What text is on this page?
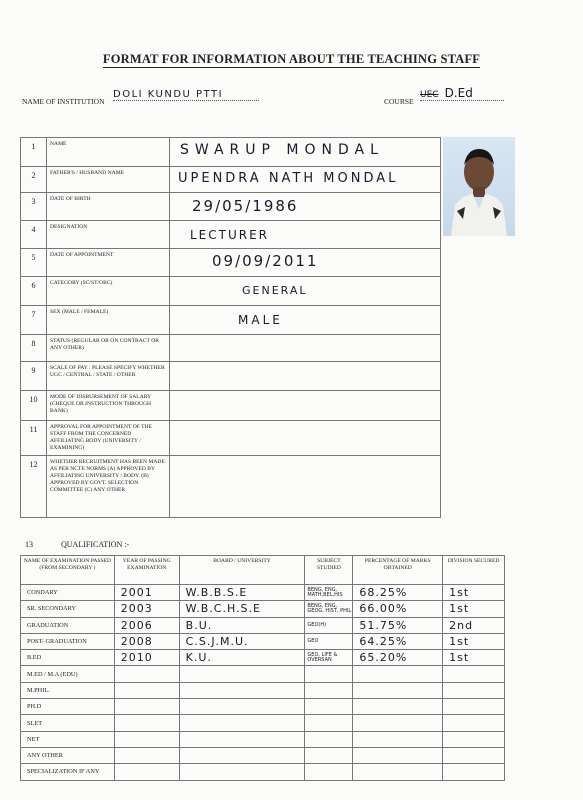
FORMAT FOR INFORMATION ABOUT THE TEACHING STAFF
NAME OF INSTITUTION
DOLI KUNDU PTTI
COURSE
UEC D.Ed
1	NAME	SWARUP MONDAL

2	FATHER'S / HUSBAND NAME	UPENDRA NATH MONDAL

3	DATE OF BIRTH	29/05/1986

4	DESIGNATION	LECTURER

5	DATE OF APPOINTMENT	09/09/2011

6	CATEGORY (SC/ST/OBC)	GENERAL

7	SEX (MALE / FEMALE)	MALE

8	STATUS (REGULAR OR ON CONTRACT OR ANY OTHER)	

9	SCALE OF PAY : PLEASE SPECIFY WHETHER UGC / CENTRAL / STATE / OTHER	

10	MODE OF DISBURSEMENT OF SALARY (CHEQUE OR INSTRUCTION THROUGH BANK)	

11	APPROVAL FOR APPOINTMENT OF THE STAFF FROM THE CONCERNED AFFILIATING BODY (UNIVERSITY / EXAMINING)	

12	WHETHER RECRUITMENT HAS BEEN MADE AS PER NCTE NORMS (A) APPROVED BY AFFILIATING UNIVERSITY / BODY. (B) APPROVED BY GOVT. SELECTION COMMITTEE (C) ANY OTHER	
13	QUALIFICATION :-
NAME OF EXAMINATION PASSED (FROM SECONDARY )	YEAR OF PASSING EXAMINATION	BOARD / UNIVERSITY	SUBJECT STUDIED	PERCENTAGE OF MARKS OBTAINED	DIVISION SECURED
CONDARY	2001	W.B.B.S.E	BENG, ENG, MATH,BEL,HIS	68.25%	1st
SR. SECONDARY	2003	W.B.C.H.S.E	BENG, ENG, GEOG, HIST, PHIL	66.00%	1st
GRADUATION	2006	B.U.	GEO(H)	51.75%	2nd
POST- GRADUATION	2008	C.S.J.M.U.	GEO	64.25%	1st
B.ED	2010	K.U.	GEO, LIFE & OVERSAN	65.20%	1st
M.ED / M.A (EDU)			

M.PHIL.			

PH.D			

SLET			

NET			

ANY OTHER			

SPECIALIZATION IF ANY			
